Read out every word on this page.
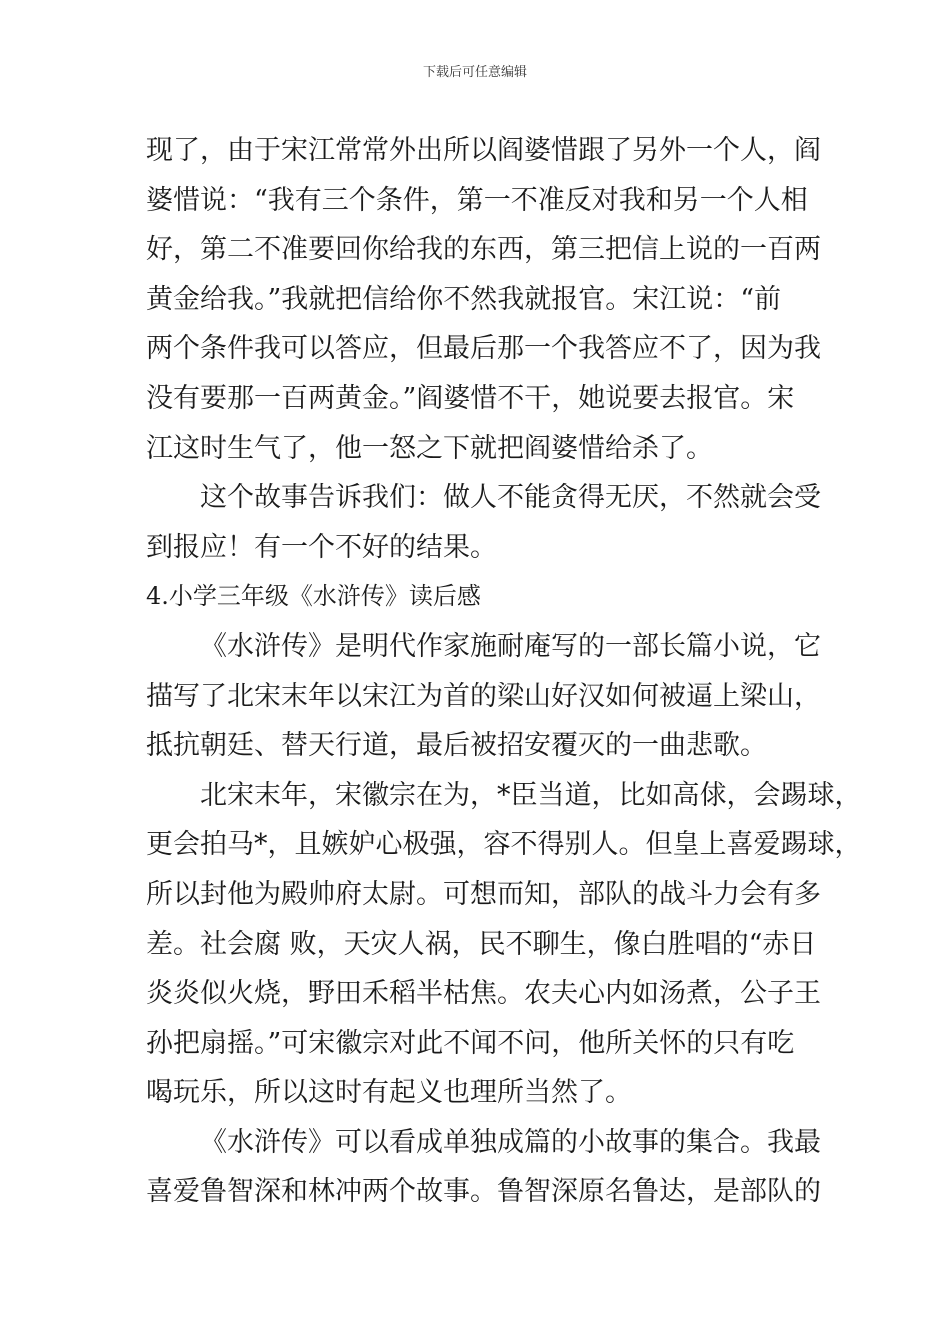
下载后可任意编辑
现了，由于宋江常常外出所以阎婆惜跟了另外一个人，阎
婆惜说：“我有三个条件，第一不准反对我和另一个人相
好，第二不准要回你给我的东西，第三把信上说的一百两
黄金给我。”我就把信给你不然我就报官。宋江说：“前
两个条件我可以答应，但最后那一个我答应不了，因为我
没有要那一百两黄金。”阎婆惜不干，她说要去报官。宋
江这时生气了，他一怒之下就把阎婆惜给杀了。
这个故事告诉我们：做人不能贪得无厌，不然就会受
到报应！有一个不好的结果。
4.小学三年级《水浒传》读后感
《水浒传》是明代作家施耐庵写的一部长篇小说，它
描写了北宋末年以宋江为首的梁山好汉如何被逼上梁山，
抵抗朝廷、替天行道，最后被招安覆灭的一曲悲歌。
北宋末年，宋徽宗在为，*臣当道，比如高俅，会踢球，
更会拍马*，且嫉妒心极强，容不得别人。但皇上喜爱踢球，
所以封他为殿帅府太尉。可想而知，部队的战斗力会有多
差。社会腐 败，天灾人祸，民不聊生，像白胜唱的“赤日
炎炎似火烧，野田禾稻半枯焦。农夫心内如汤煮，公子王
孙把扇摇。”可宋徽宗对此不闻不问，他所关怀的只有吃
喝玩乐，所以这时有起义也理所当然了。
《水浒传》可以看成单独成篇的小故事的集合。我最
喜爱鲁智深和林冲两个故事。鲁智深原名鲁达，是部队的
